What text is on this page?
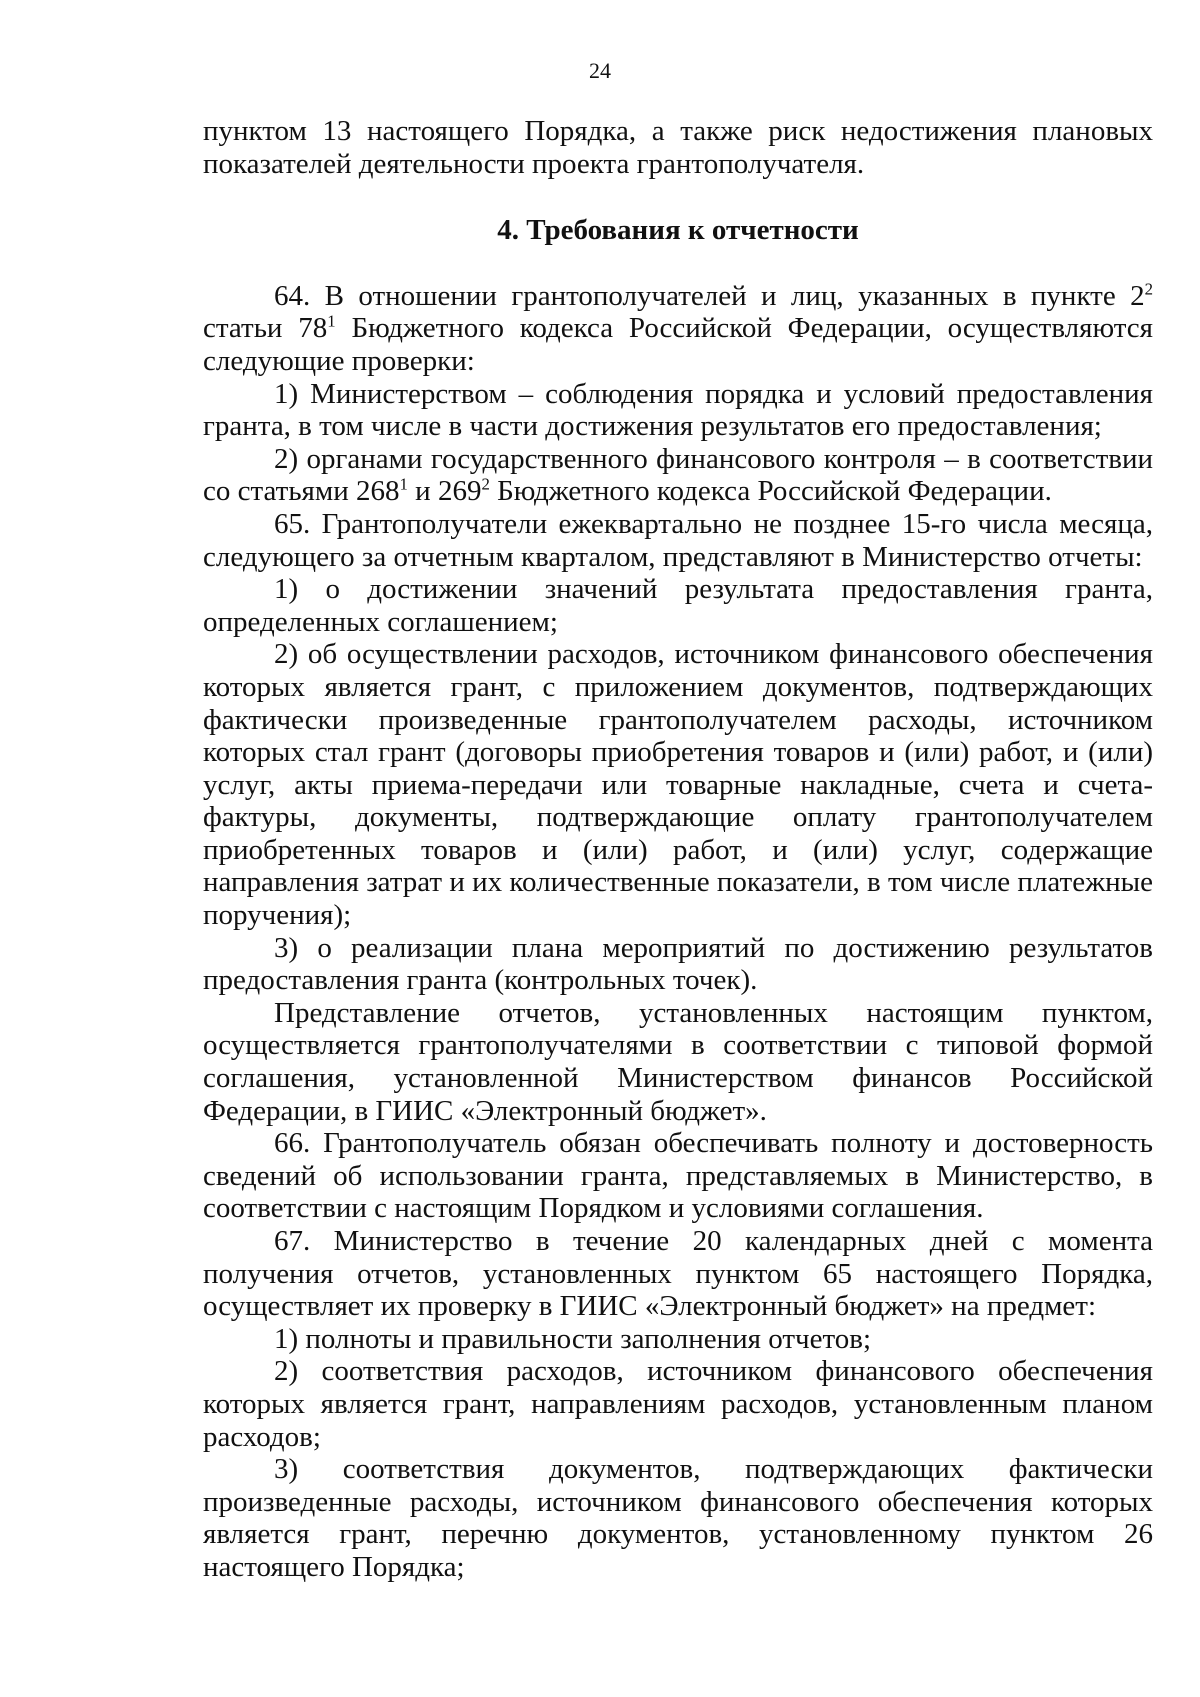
24

пунктом 13 настоящего Порядка, а также риск недостижения плановых показателей деятельности проекта грантополучателя.

4. Требования к отчетности

64. В отношении грантополучателей и лиц, указанных в пункте $2^2$ статьи $78^1$ Бюджетного кодекса Российской Федерации, осуществляются следующие проверки:

1) Министерством – соблюдения порядка и условий предоставления гранта, в том числе в части достижения результатов его предоставления;

2) органами государственного финансового контроля – в соответствии со статьями $268^1$ и $269^2$ Бюджетного кодекса Российской Федерации.

65. Грантополучатели ежеквартально не позднее 15-го числа месяца, следующего за отчетным кварталом, представляют в Министерство отчеты:

1) о достижении значений результата предоставления гранта, определенных соглашением;

2) об осуществлении расходов, источником финансового обеспечения которых является грант, с приложением документов, подтверждающих фактически произведенные грантополучателем расходы, источником которых стал грант (договоры приобретения товаров и (или) работ, и (или) услуг, акты приема-передачи или товарные накладные, счета и счета-фактуры, документы, подтверждающие оплату грантополучателем приобретенных товаров и (или) работ, и (или) услуг, содержащие направления затрат и их количественные показатели, в том числе платежные поручения);

3) о реализации плана мероприятий по достижению результатов предоставления гранта (контрольных точек).

Представление отчетов, установленных настоящим пунктом, осуществляется грантополучателями в соответствии с типовой формой соглашения, установленной Министерством финансов Российской Федерации, в ГИИС «Электронный бюджет».

66. Грантополучатель обязан обеспечивать полноту и достоверность сведений об использовании гранта, представляемых в Министерство, в соответствии с настоящим Порядком и условиями соглашения.

67. Министерство в течение 20 календарных дней с момента получения отчетов, установленных пунктом 65 настоящего Порядка, осуществляет их проверку в ГИИС «Электронный бюджет» на предмет:

1) полноты и правильности заполнения отчетов;

2) соответствия расходов, источником финансового обеспечения которых является грант, направлениям расходов, установленным планом расходов;

3) соответствия документов, подтверждающих фактически произведенные расходы, источником финансового обеспечения которых является грант, перечню документов, установленному пунктом 26 настоящего Порядка;
